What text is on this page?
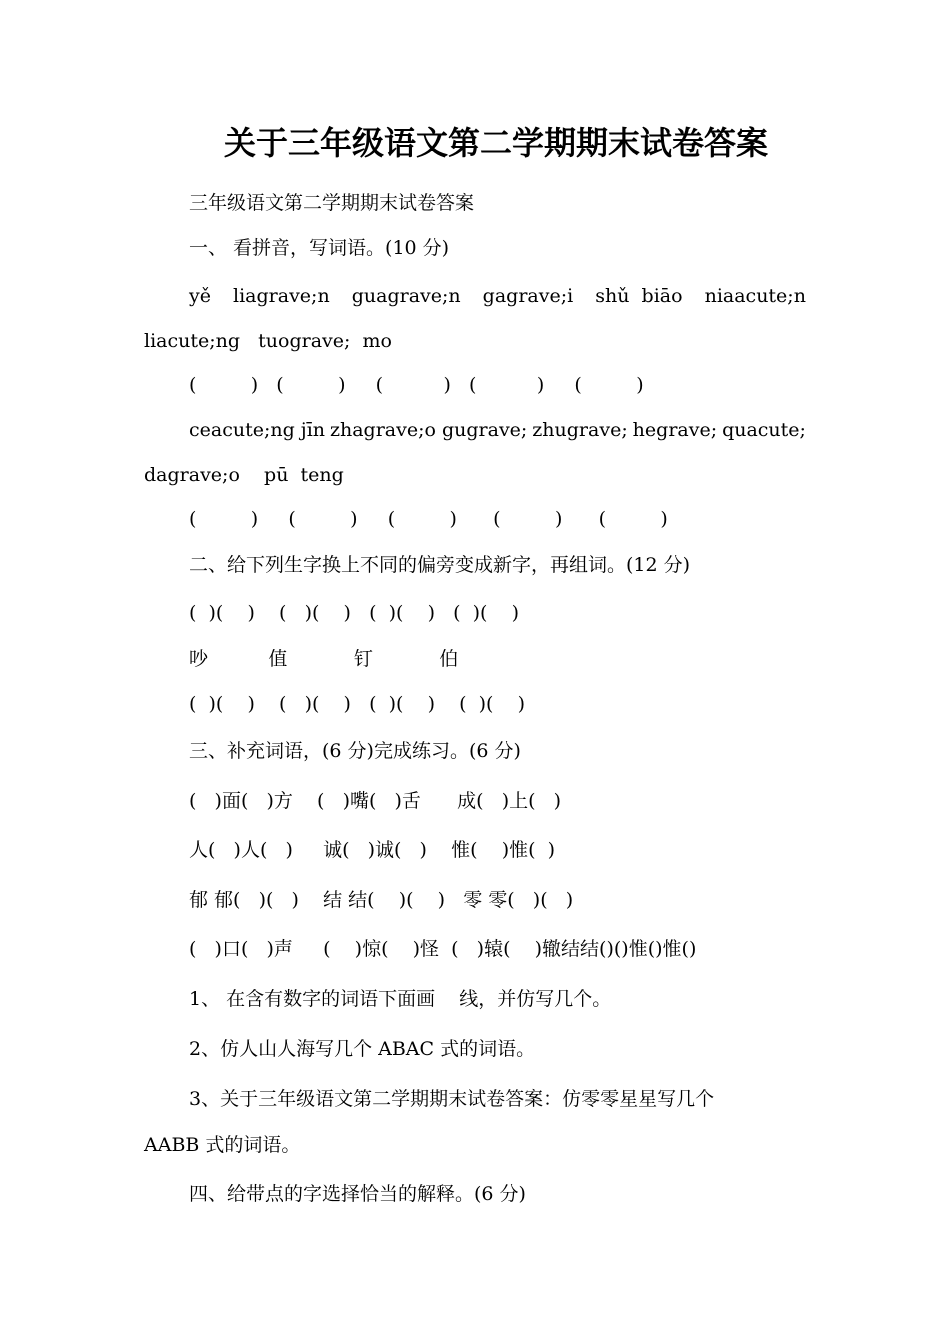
关于三年级语文第二学期期末试卷答案
三年级语文第二学期期末试卷答案
一、 看拼音，写词语。(10 分)
yě liagrave;n guagrave;n gagrave;i shǔ  biāo niaacute;n
liacute;ng   tuograve;  mo
(         )   (         )     (          )   (          )     (         )
ceacute;ng jīn zhagrave;o gugrave; zhugrave; hegrave; quacute;
dagrave;o    pū  teng
(         )     (         )     (         )      (         )      (         )
二、给下列生字换上不同的偏旁变成新字，再组词。(12 分)
(  )(    )    (   )(    )   (  )(    )   (  )(    )
吵          值           钉           伯
(  )(    )    (   )(    )   (  )(    )    (  )(    )
三、补充词语，(6 分)完成练习。(6 分)
(   )面(   )方    (   )嘴(   )舌      成(   )上(   )
人(   )人(   )     诚(   )诚(   )    惟(    )惟(  )
郁 郁(   )(   )    结 结(    )(    )   零 零(   )(   )
(   )口(   )声     (    )惊(    )怪  (   )辕(    )辙结结()()惟()惟()
1、 在含有数字的词语下面画    线，并仿写几个。
2、仿人山人海写几个 ABAC 式的词语。
3、关于三年级语文第二学期期末试卷答案：仿零零星星写几个
AABB 式的词语。
四、给带点的字选择恰当的解释。(6 分)
